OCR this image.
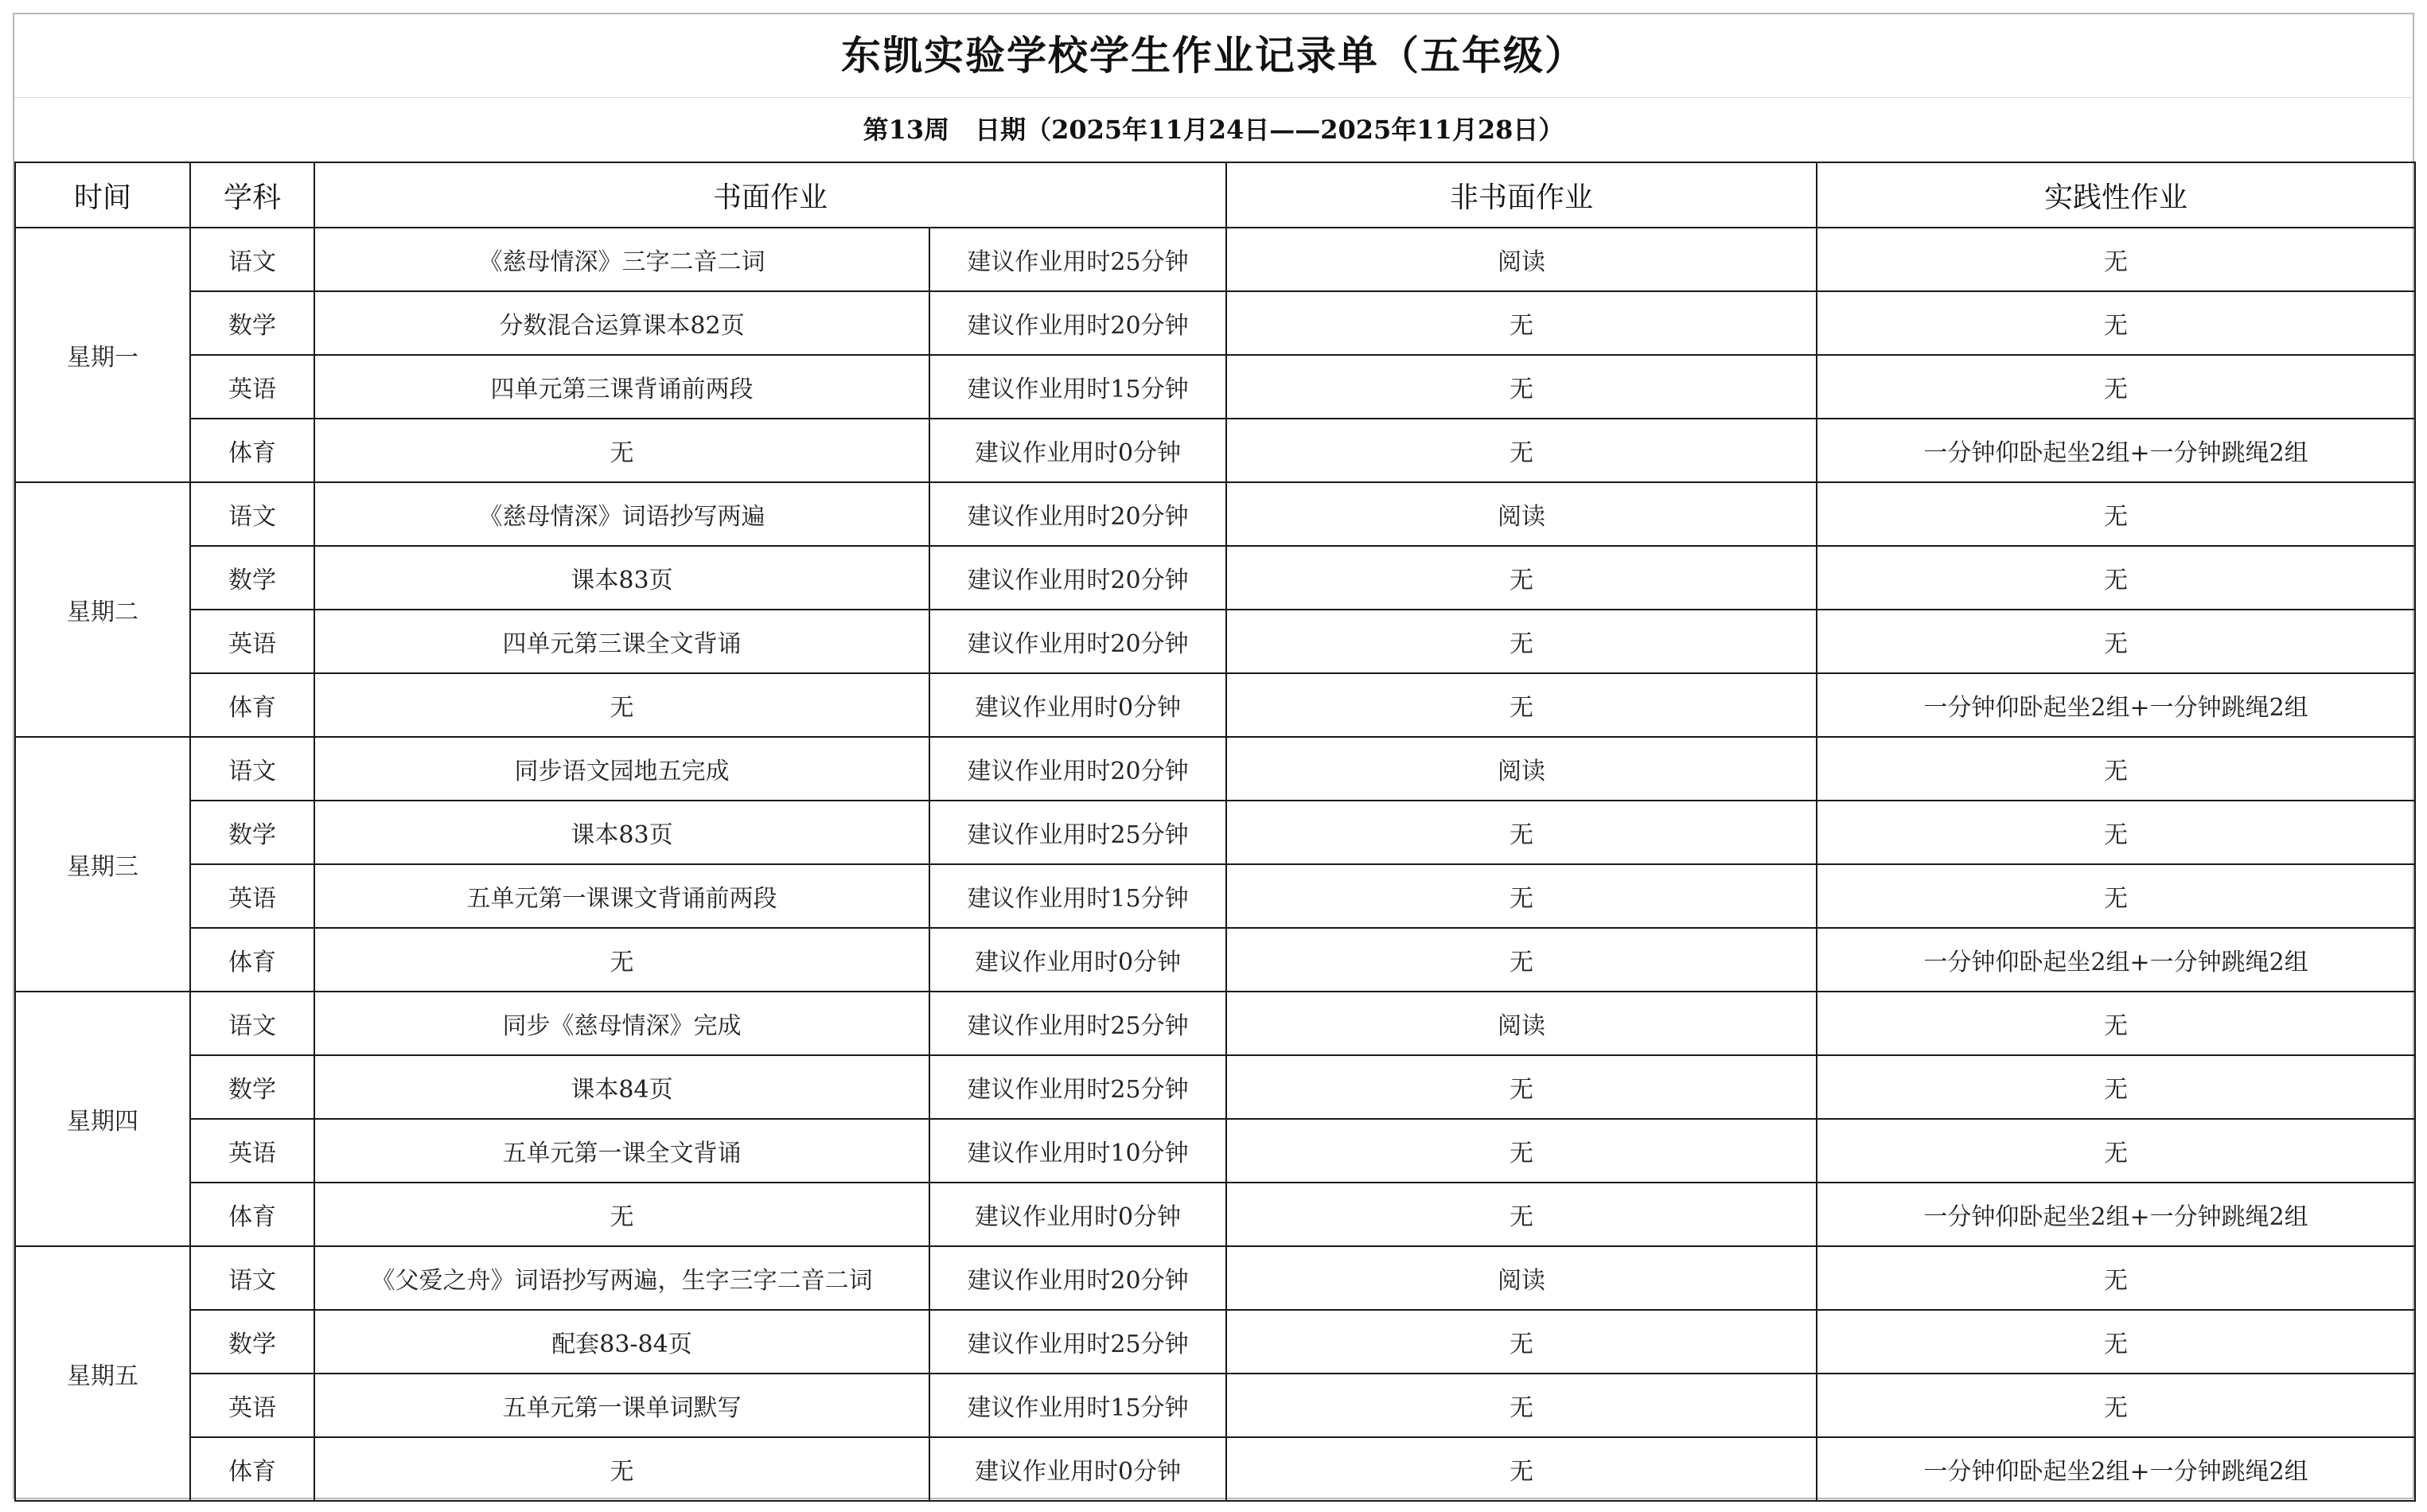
东凯实验学校学生作业记录单（五年级）
第13周　日期（2025年11月24日——2025年11月28日）
时间	学科	书面作业		非书面作业	实践性作业
星期一	语文	《慈母情深》三字二音二词	建议作业用时25分钟	阅读	无
	数学	分数混合运算课本82页	建议作业用时20分钟	无	无
	英语	四单元第三课背诵前两段	建议作业用时15分钟	无	无
	体育	无	建议作业用时0分钟	无	一分钟仰卧起坐2组+一分钟跳绳2组
星期二	语文	《慈母情深》词语抄写两遍	建议作业用时20分钟	阅读	无
	数学	课本83页	建议作业用时20分钟	无	无
	英语	四单元第三课全文背诵	建议作业用时20分钟	无	无
	体育	无	建议作业用时0分钟	无	一分钟仰卧起坐2组+一分钟跳绳2组
星期三	语文	同步语文园地五完成	建议作业用时20分钟	阅读	无
	数学	课本83页	建议作业用时25分钟	无	无
	英语	五单元第一课课文背诵前两段	建议作业用时15分钟	无	无
	体育	无	建议作业用时0分钟	无	一分钟仰卧起坐2组+一分钟跳绳2组
星期四	语文	同步《慈母情深》完成	建议作业用时25分钟	阅读	无
	数学	课本84页	建议作业用时25分钟	无	无
	英语	五单元第一课全文背诵	建议作业用时10分钟	无	无
	体育	无	建议作业用时0分钟	无	一分钟仰卧起坐2组+一分钟跳绳2组
星期五	语文	《父爱之舟》词语抄写两遍，生字三字二音二词	建议作业用时20分钟	阅读	无
	数学	配套83-84页	建议作业用时25分钟	无	无
	英语	五单元第一课单词默写	建议作业用时15分钟	无	无
	体育	无	建议作业用时0分钟	无	一分钟仰卧起坐2组+一分钟跳绳2组
